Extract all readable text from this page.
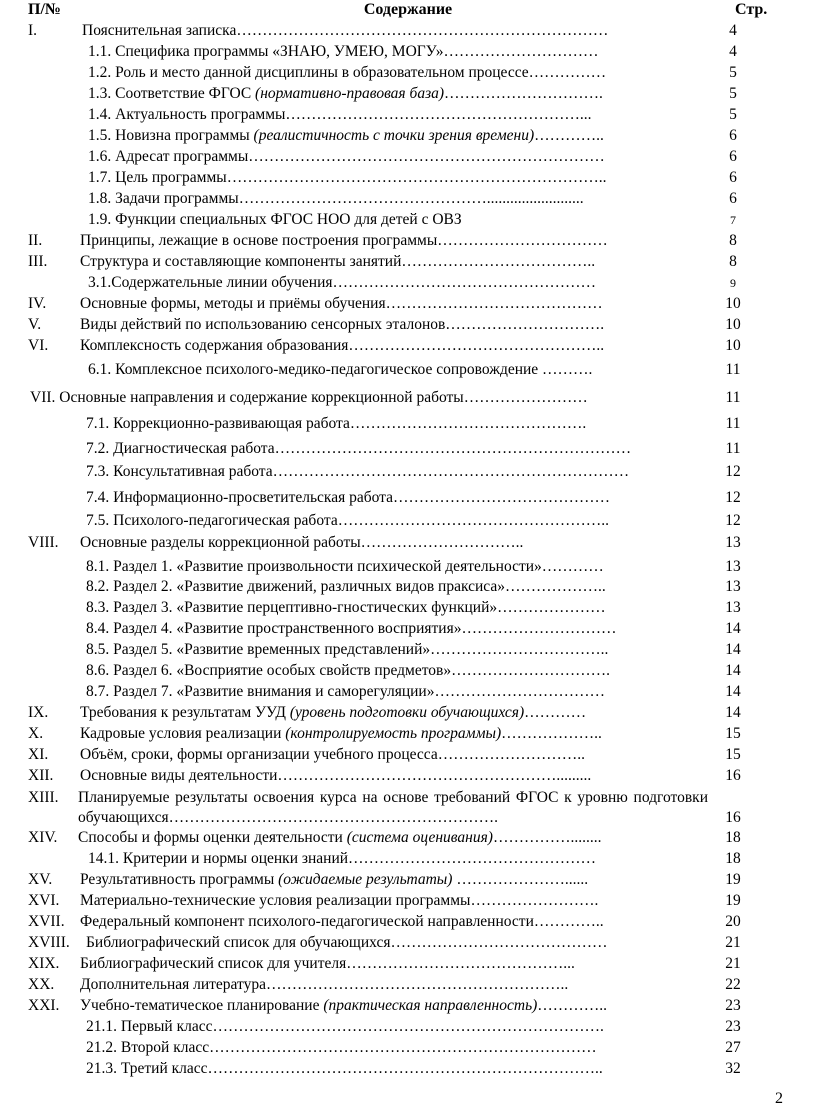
П/№	Содержание	Стр.
I.	Пояснительная записка………………………………………………………………	4
1.1. Специфика программы «ЗНАЮ, УМЕЮ, МОГУ»…………………………	4
1.2. Роль и место данной дисциплины в образовательном процессе……………	5
1.3. Соответствие ФГОС (нормативно-правовая база)………………………….	5
1.4. Актуальность программы…………………………………………………...	5
1.5. Новизна программы (реалистичность с точки зрения времени)…………..	6
1.6. Адресат программы……………………………………………………………	6
1.7. Цель программы………………………………………………………………..	6
1.8. Задачи программы………………………………………….........................	6
1.9. Функции специальных ФГОС НОО для детей с ОВЗ	7
II. Принципы, лежащие в основе построения программы……………………………	8
III. Структура и составляющие компоненты занятий………………………………..	8
3.1.Содержательные линии обучения……………………………………………	9
IV. Основные формы, методы и приёмы обучения……………………………………	10
V.	Виды действий по использованию сенсорных эталонов………………………….	10
VI. Комплексность содержания образования…………………………………………..	10
6.1. Комплексное психолого-медико-педагогическое сопровождение ……….	11
VII. Основные направления и содержание коррекционной работы……………………	11
7.1. Коррекционно-развивающая работа……………………………………….	11
7.2. Диагностическая работа……………………………………………………………	11
7.3. Консультативная работа……………………………………………………………	12
7.4. Информационно-просветительская работа……………………………………	12
7.5. Психолого-педагогическая работа……………………………………………..	12
VIII. Основные разделы коррекционной работы…………………………..	13
8.1. Раздел 1. «Развитие произвольности психической деятельности»…………	13
8.2. Раздел 2. «Развитие движений, различных видов праксиса»………………..	13
8.3. Раздел 3. «Развитие перцептивно-гностических функций»…………………	13
8.4. Раздел 4. «Развитие пространственного восприятия»…………………………	14
8.5. Раздел 5. «Развитие временных представлений»……………………………..	14
8.6. Раздел 6. «Восприятие особых свойств предметов»………………………….	14
8.7. Раздел 7. «Развитие внимания и саморегуляции»……………………………	14
IX. Требования к результатам УУД (уровень подготовки обучающихся)…………	14
X. Кадровые условия реализации (контролируемость программы)………………..	15
XI. Объём, сроки, формы организации учебного процесса………………………..	15
XII. Основные виды деятельности……………………………………………….........	16
XIII. Планируемые результаты освоения курса на основе требований ФГОС к уровню подготовки обучающихся……………………………………………………….	16
XIV. Способы и формы оценки деятельности (система оценивания)……………........	18
14.1. Критерии и нормы оценки знаний…………………………………………	18
XV. Результативность программы (ожидаемые результаты) …………………......	19
XVI. Материально-технические условия реализации программы…………………….	19
XVII. Федеральный компонент психолого-педагогической направленности…………..	20
XVIII. Библиографический список для обучающихся……………………………………	21
XIX. Библиографический список для учителя……………………………………...	21
XX. Дополнительная литература…………………………………………………..	22
XXI. Учебно-тематическое планирование (практическая направленность)…………..	23
21.1. Первый класс………………………………………………………………….	23
21.2. Второй класс…………………………………………………………………	27
21.3. Третий класс…………………………………………………………………..	32
2
